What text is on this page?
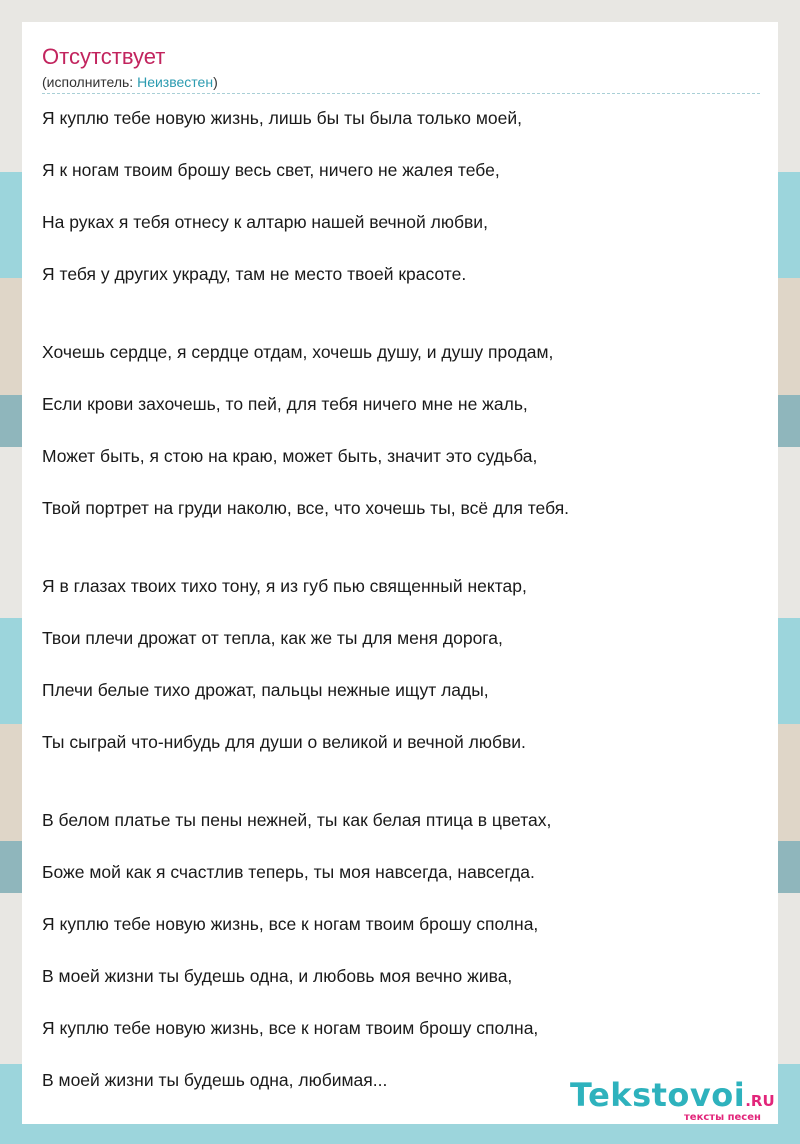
Отсутствует
(исполнитель: Неизвестен)
Я куплю тебе новую жизнь, лишь бы ты была только моей,
Я к ногам твоим брошу весь свет, ничего не жалея тебе,
На руках я тебя отнесу к алтарю нашей вечной любви,
Я тебя у других украду, там не место твоей красоте.
Хочешь сердце, я сердце отдам, хочешь душу, и душу продам,
Если крови захочешь, то пей, для тебя ничего мне не жаль,
Может быть, я стою на краю, может быть, значит это судьба,
Твой портрет на груди наколю, все, что хочешь ты, всё для тебя.
Я в глазах твоих тихо тону, я из губ пью священный нектар,
Твои плечи дрожат от тепла, как же ты для меня дорога,
Плечи белые тихо дрожат, пальцы нежные ищут лады,
Ты сыграй что-нибудь для души о великой и вечной любви.
В белом платье ты пены нежней, ты как белая птица в цветах,
Боже мой как я счастлив теперь, ты моя навсегда, навсегда.
Я куплю тебе новую жизнь, все к ногам твоим брошу сполна,
В моей жизни ты будешь одна, и любовь моя вечно жива,
Я куплю тебе новую жизнь, все к ногам твоим брошу сполна,
В моей жизни ты будешь одна, любимая...	Tekstovoi.RU
тексты песен
